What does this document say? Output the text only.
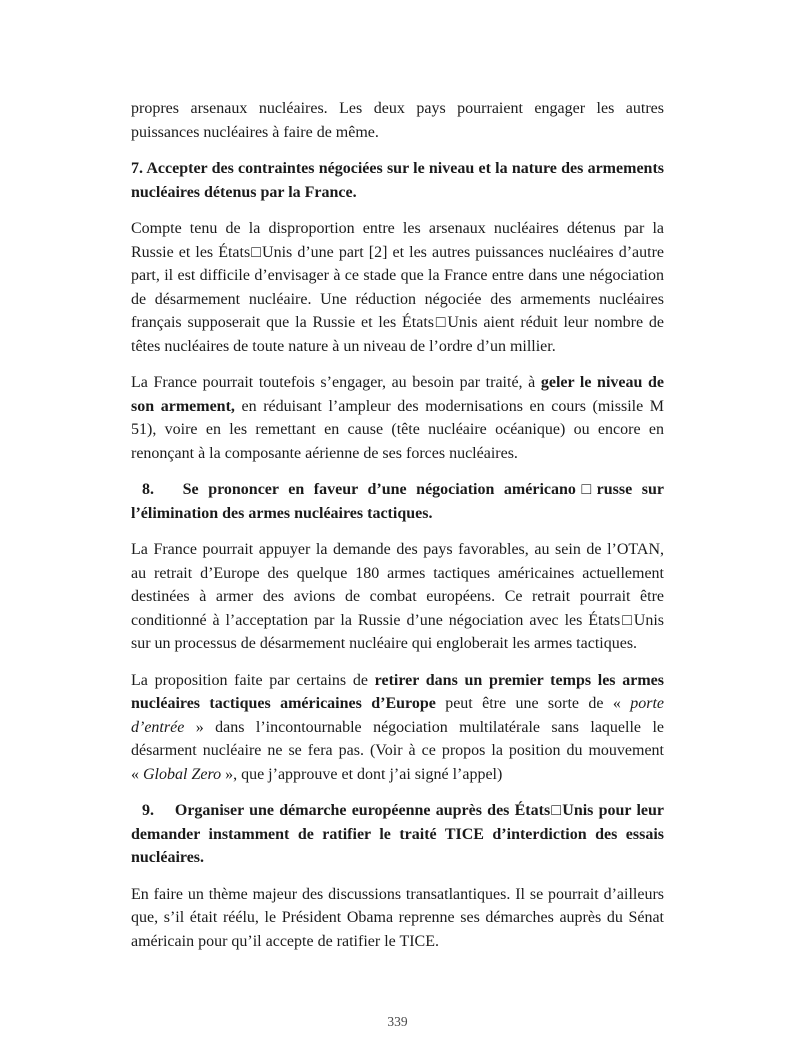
propres arsenaux nucléaires. Les deux pays pourraient engager les autres puissances nucléaires à faire de même.

7. Accepter des contraintes négociées sur le niveau et la nature des armements nucléaires détenus par la France.

Compte tenu de la disproportion entre les arsenaux nucléaires détenus par la Russie et les États□Unis d’une part [2] et les autres puissances nucléaires d’autre part, il est difficile d’envisager à ce stade que la France entre dans une négociation de désarmement nucléaire. Une réduction négociée des armements nucléaires français supposerait que la Russie et les États□Unis aient réduit leur nombre de têtes nucléaires de toute nature à un niveau de l’ordre d’un millier.

La France pourrait toutefois s’engager, au besoin par traité, à geler le niveau de son armement, en réduisant l’ampleur des modernisations en cours (missile M 51), voire en les remettant en cause (tête nucléaire océanique) ou encore en renonçant à la composante aérienne de ses forces nucléaires.

8.   Se prononcer en faveur d’une négociation américano□russe sur l’élimination des armes nucléaires tactiques.

La France pourrait appuyer la demande des pays favorables, au sein de l’OTAN, au retrait d’Europe des quelque 180 armes tactiques américaines actuellement destinées à armer des avions de combat européens. Ce retrait pourrait être conditionné à l’acceptation par la Russie d’une négociation avec les États□Unis sur un processus de désarmement nucléaire qui engloberait les armes tactiques.

La proposition faite par certains de retirer dans un premier temps les armes nucléaires tactiques américaines d’Europe peut être une sorte de « porte d’entrée » dans l’incontournable négociation multilatérale sans laquelle le désarment nucléaire ne se fera pas. (Voir à ce propos la position du mouvement « Global Zero », que j’approuve et dont j’ai signé l’appel)

9.    Organiser une démarche européenne auprès des États□Unis pour leur demander instamment de ratifier le traité TICE d’interdiction des essais nucléaires.

En faire un thème majeur des discussions transatlantiques. Il se pourrait d’ailleurs que, s’il était réélu, le Président Obama reprenne ses démarches auprès du Sénat américain pour qu’il accepte de ratifier le TICE.

339
